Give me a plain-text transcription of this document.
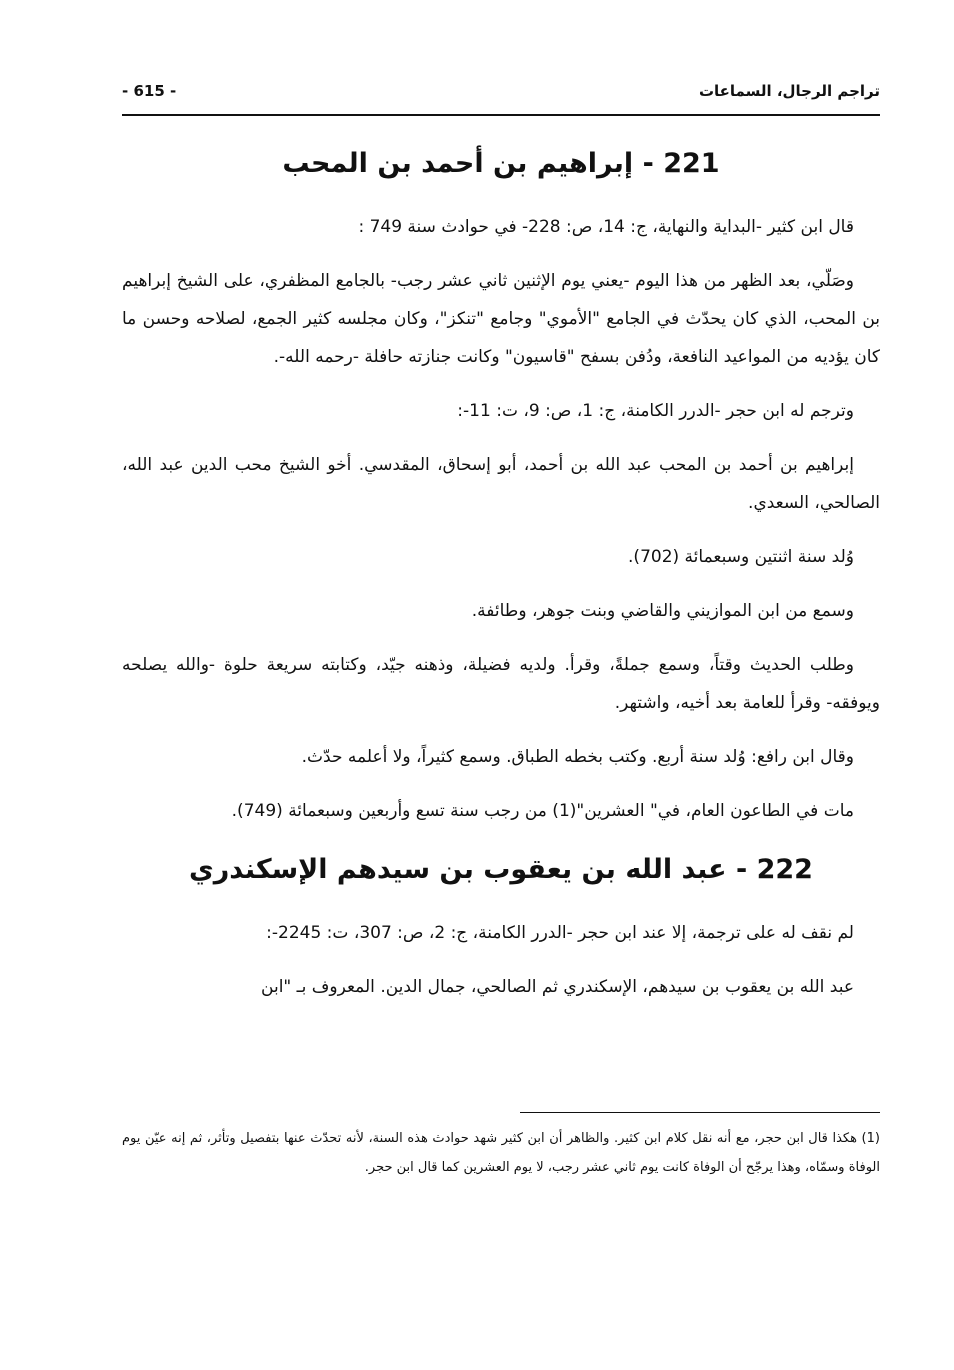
تراجم الرجال، السماعات
- 615 -
221 - إبراهيم بن أحمد بن المحب

قال ابن كثير -البداية والنهاية، ج: 14، ص: 228- في حوادث سنة 749 :

وصَلّي، بعد الظهر من هذا اليوم -يعني يوم الإثنين ثاني عشر رجب- بالجامع المظفري، على الشيخ إبراهيم بن المحب، الذي كان يحدّث في الجامع "الأموي" وجامع "تنكز"، وكان مجلسه كثير الجمع، لصلاحه وحسن ما كان يؤديه من المواعيد النافعة، ودُفن بسفح "قاسيون" وكانت جنازته حافلة -رحمه الله-.

وترجم له ابن حجر -الدرر الكامنة، ج: 1، ص: 9، ت: 11-:

إبراهيم بن أحمد بن المحب عبد الله بن أحمد، أبو إسحاق، المقدسي. أخو الشيخ محب الدين عبد الله، الصالحي، السعدي.

وُلد سنة اثنتين وسبعمائة (702).

وسمع من ابن الموازيني والقاضي وبنت جوهر، وطائفة.

وطلب الحديث وقتاً، وسمع جملةً، وقرأ. ولديه فضيلة، وذهنه جيّد، وكتابته سريعة حلوة -والله يصلحه ويوفقه- وقرأ للعامة بعد أخيه، واشتهر.

وقال ابن رافع: وُلد سنة أربع. وكتب بخطه الطباق. وسمع كثيراً، ولا أعلمه حدّث.

مات في الطاعون العام، في" العشرين"(1) من رجب سنة تسع وأربعين وسبعمائة (749).

222 - عبد الله بن يعقوب بن سيدهم الإسكندري

لم نقف له على ترجمة، إلا عند ابن حجر -الدرر الكامنة، ج: 2، ص: 307، ت: 2245-:

عبد الله بن يعقوب بن سيدهم، الإسكندري ثم الصالحي، جمال الدين. المعروف بـ "ابن

(1) هكذا قال ابن حجر، مع أنه نقل كلام ابن كثير. والظاهر أن ابن كثير شهد حوادث هذه السنة، لأنه تحدّث عنها بتفصيل وتأثر، ثم إنه عيّن يوم الوفاة وسمّاه، وهذا يرجّح أن الوفاة كانت يوم ثاني عشر رجب، لا يوم العشرين كما قال ابن حجر.
